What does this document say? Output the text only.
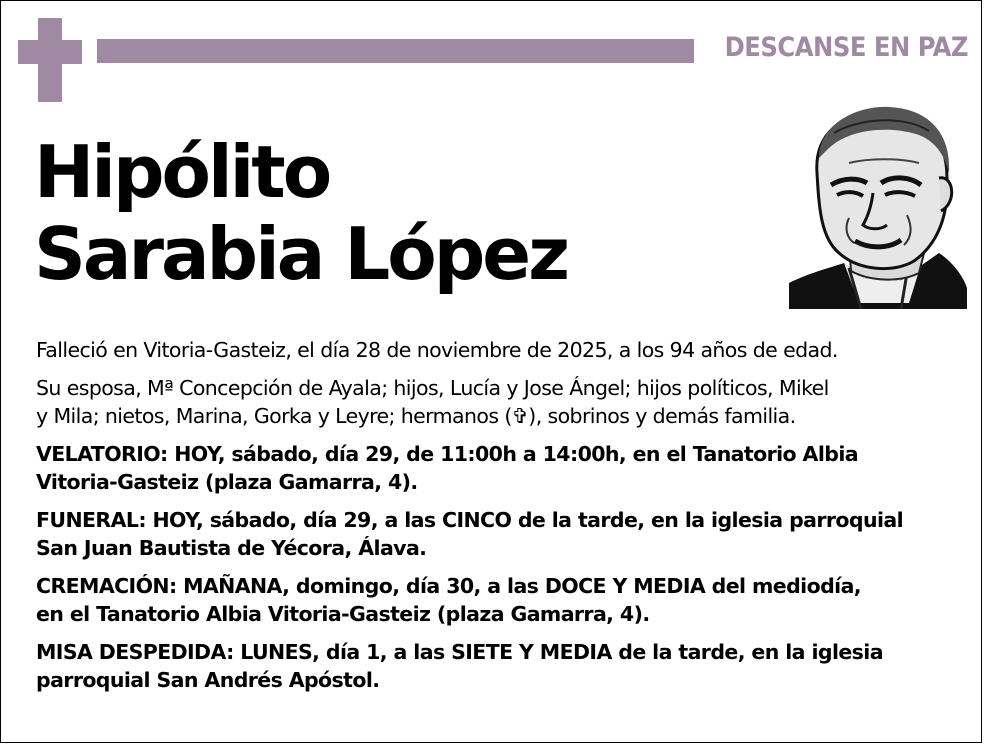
DESCANSE EN PAZ
Hipólito
Sarabia López

Falleció en Vitoria-Gasteiz, el día 28 de noviembre de 2025, a los 94 años de edad.

Su esposa, Mª Concepción de Ayala; hijos, Lucía y Jose Ángel; hijos políticos, Mikel
y Mila; nietos, Marina, Gorka y Leyre; hermanos (✞), sobrinos y demás familia.

VELATORIO: HOY, sábado, día 29, de 11:00h a 14:00h, en el Tanatorio Albia
Vitoria-Gasteiz (plaza Gamarra, 4).

FUNERAL: HOY, sábado, día 29, a las CINCO de la tarde, en la iglesia parroquial
San Juan Bautista de Yécora, Álava.

CREMACIÓN: MAÑANA, domingo, día 30, a las DOCE Y MEDIA del mediodía,
en el Tanatorio Albia Vitoria-Gasteiz (plaza Gamarra, 4).

MISA DESPEDIDA: LUNES, día 1, a las SIETE Y MEDIA de la tarde, en la iglesia
parroquial San Andrés Apóstol.
